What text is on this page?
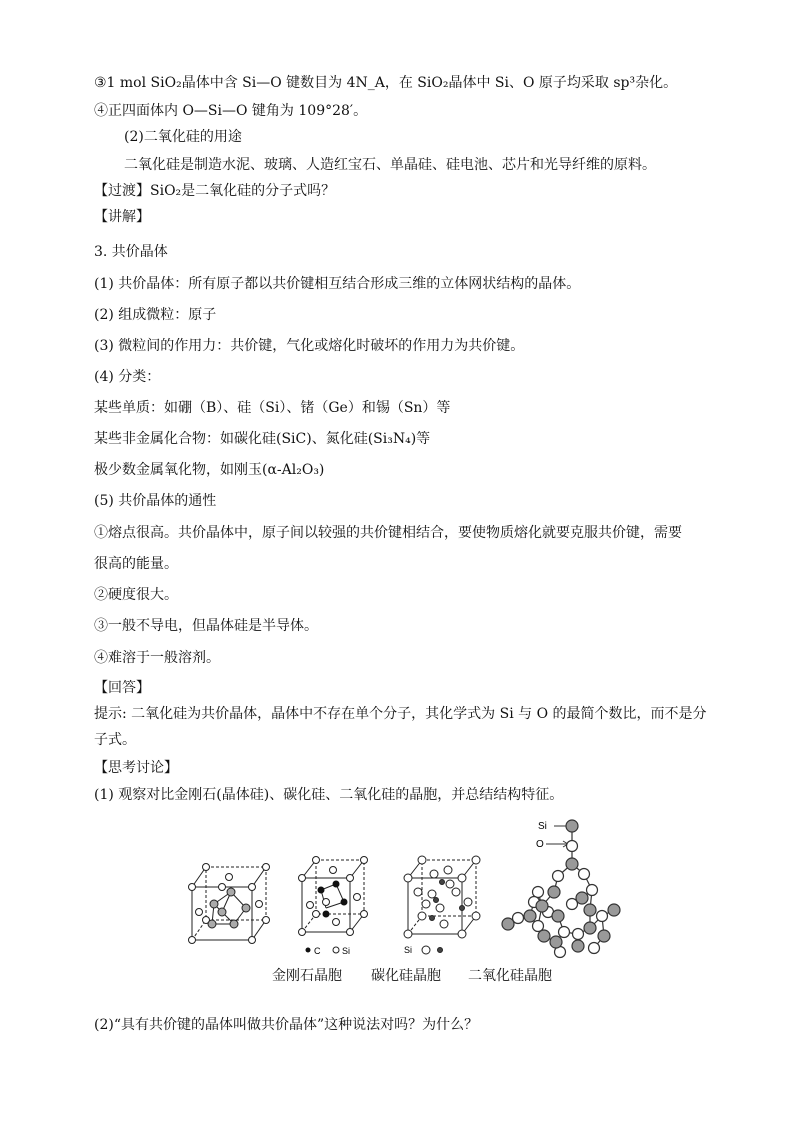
③1 mol SiO₂晶体中含 Si—O 键数目为 4N_A，在 SiO₂晶体中 Si、O 原子均采取 sp³杂化。
④正四面体内 O—Si—O 键角为 109°28′。
(2)二氧化硅的用途
二氧化硅是制造水泥、玻璃、人造红宝石、单晶硅、硅电池、芯片和光导纤维的原料。
【过渡】SiO₂是二氧化硅的分子式吗？
【讲解】
3. 共价晶体
(1) 共价晶体：所有原子都以共价键相互结合形成三维的立体网状结构的晶体。
(2) 组成微粒：原子
(3) 微粒间的作用力：共价键，气化或熔化时破坏的作用力为共价键。
(4) 分类：
某些单质：如硼（B）、硅（Si）、锗（Ge）和锡（Sn）等
某些非金属化合物：如碳化硅(SiC)、氮化硅(Si₃N₄)等
极少数金属氧化物，如刚玉(α-Al₂O₃)
(5) 共价晶体的通性
①熔点很高。共价晶体中，原子间以较强的共价键相结合，要使物质熔化就要克服共价键，需要
很高的能量。
②硬度很大。
③一般不导电，但晶体硅是半导体。
④难溶于一般溶剂。
【回答】
提示: 二氧化硅为共价晶体，晶体中不存在单个分子，其化学式为 Si 与 O 的最简个数比，而不是分
子式。
【思考讨论】
(1) 观察对比金刚石(晶体硅)、碳化硅、二氧化硅的晶胞，并总结结构特征。
C Si	Si
Si
O
金刚石晶胞 碳化硅晶胞 二氧化硅晶胞
(2)“具有共价键的晶体叫做共价晶体”这种说法对吗？为什么？
